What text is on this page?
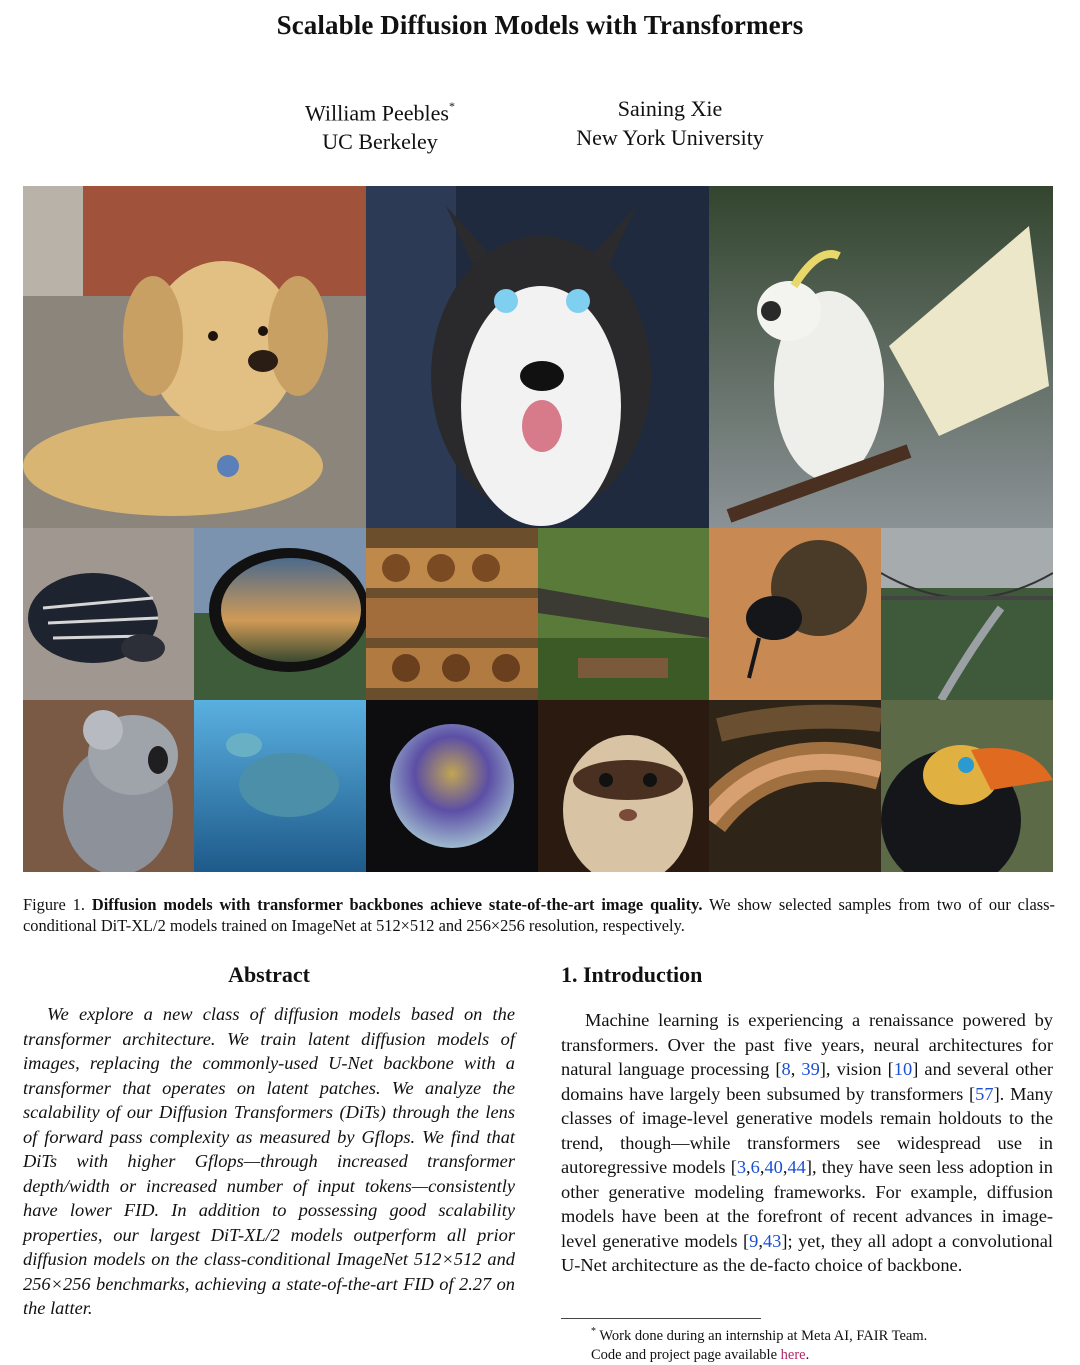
Scalable Diffusion Models with Transformers
William Peebles*
UC Berkeley
Saining Xie
New York University
Figure 1. Diffusion models with transformer backbones achieve state-of-the-art image quality. We show selected samples from two of our class-conditional DiT-XL/2 models trained on ImageNet at 512×512 and 256×256 resolution, respectively.
Abstract	1. Introduction
We explore a new class of diffusion models based on the transformer architecture. We train latent diffusion models of images, replacing the commonly-used U-Net backbone with a transformer that operates on latent patches. We analyze the scalability of our Diffusion Transformers (DiTs) through the lens of forward pass complexity as measured by Gflops. We find that DiTs with higher Gflops—through increased transformer depth/width or increased number of input tokens—consistently have lower FID. In addition to possessing good scalability properties, our largest DiT-XL/2 models outperform all prior diffusion models on the class-conditional ImageNet 512×512 and 256×256 benchmarks, achieving a state-of-the-art FID of 2.27 on the latter.
Machine learning is experiencing a renaissance powered by transformers. Over the past five years, neural architectures for natural language processing [8, 39], vision [10] and several other domains have largely been subsumed by transformers [57]. Many classes of image-level generative models remain holdouts to the trend, though—while transformers see widespread use in autoregressive models [3,6,40,44], they have seen less adoption in other generative modeling frameworks. For example, diffusion models have been at the forefront of recent advances in image-level generative models [9,43]; yet, they all adopt a convolutional U-Net architecture as the de-facto choice of backbone.
* Work done during an internship at Meta AI, FAIR Team.
Code and project page available here.
